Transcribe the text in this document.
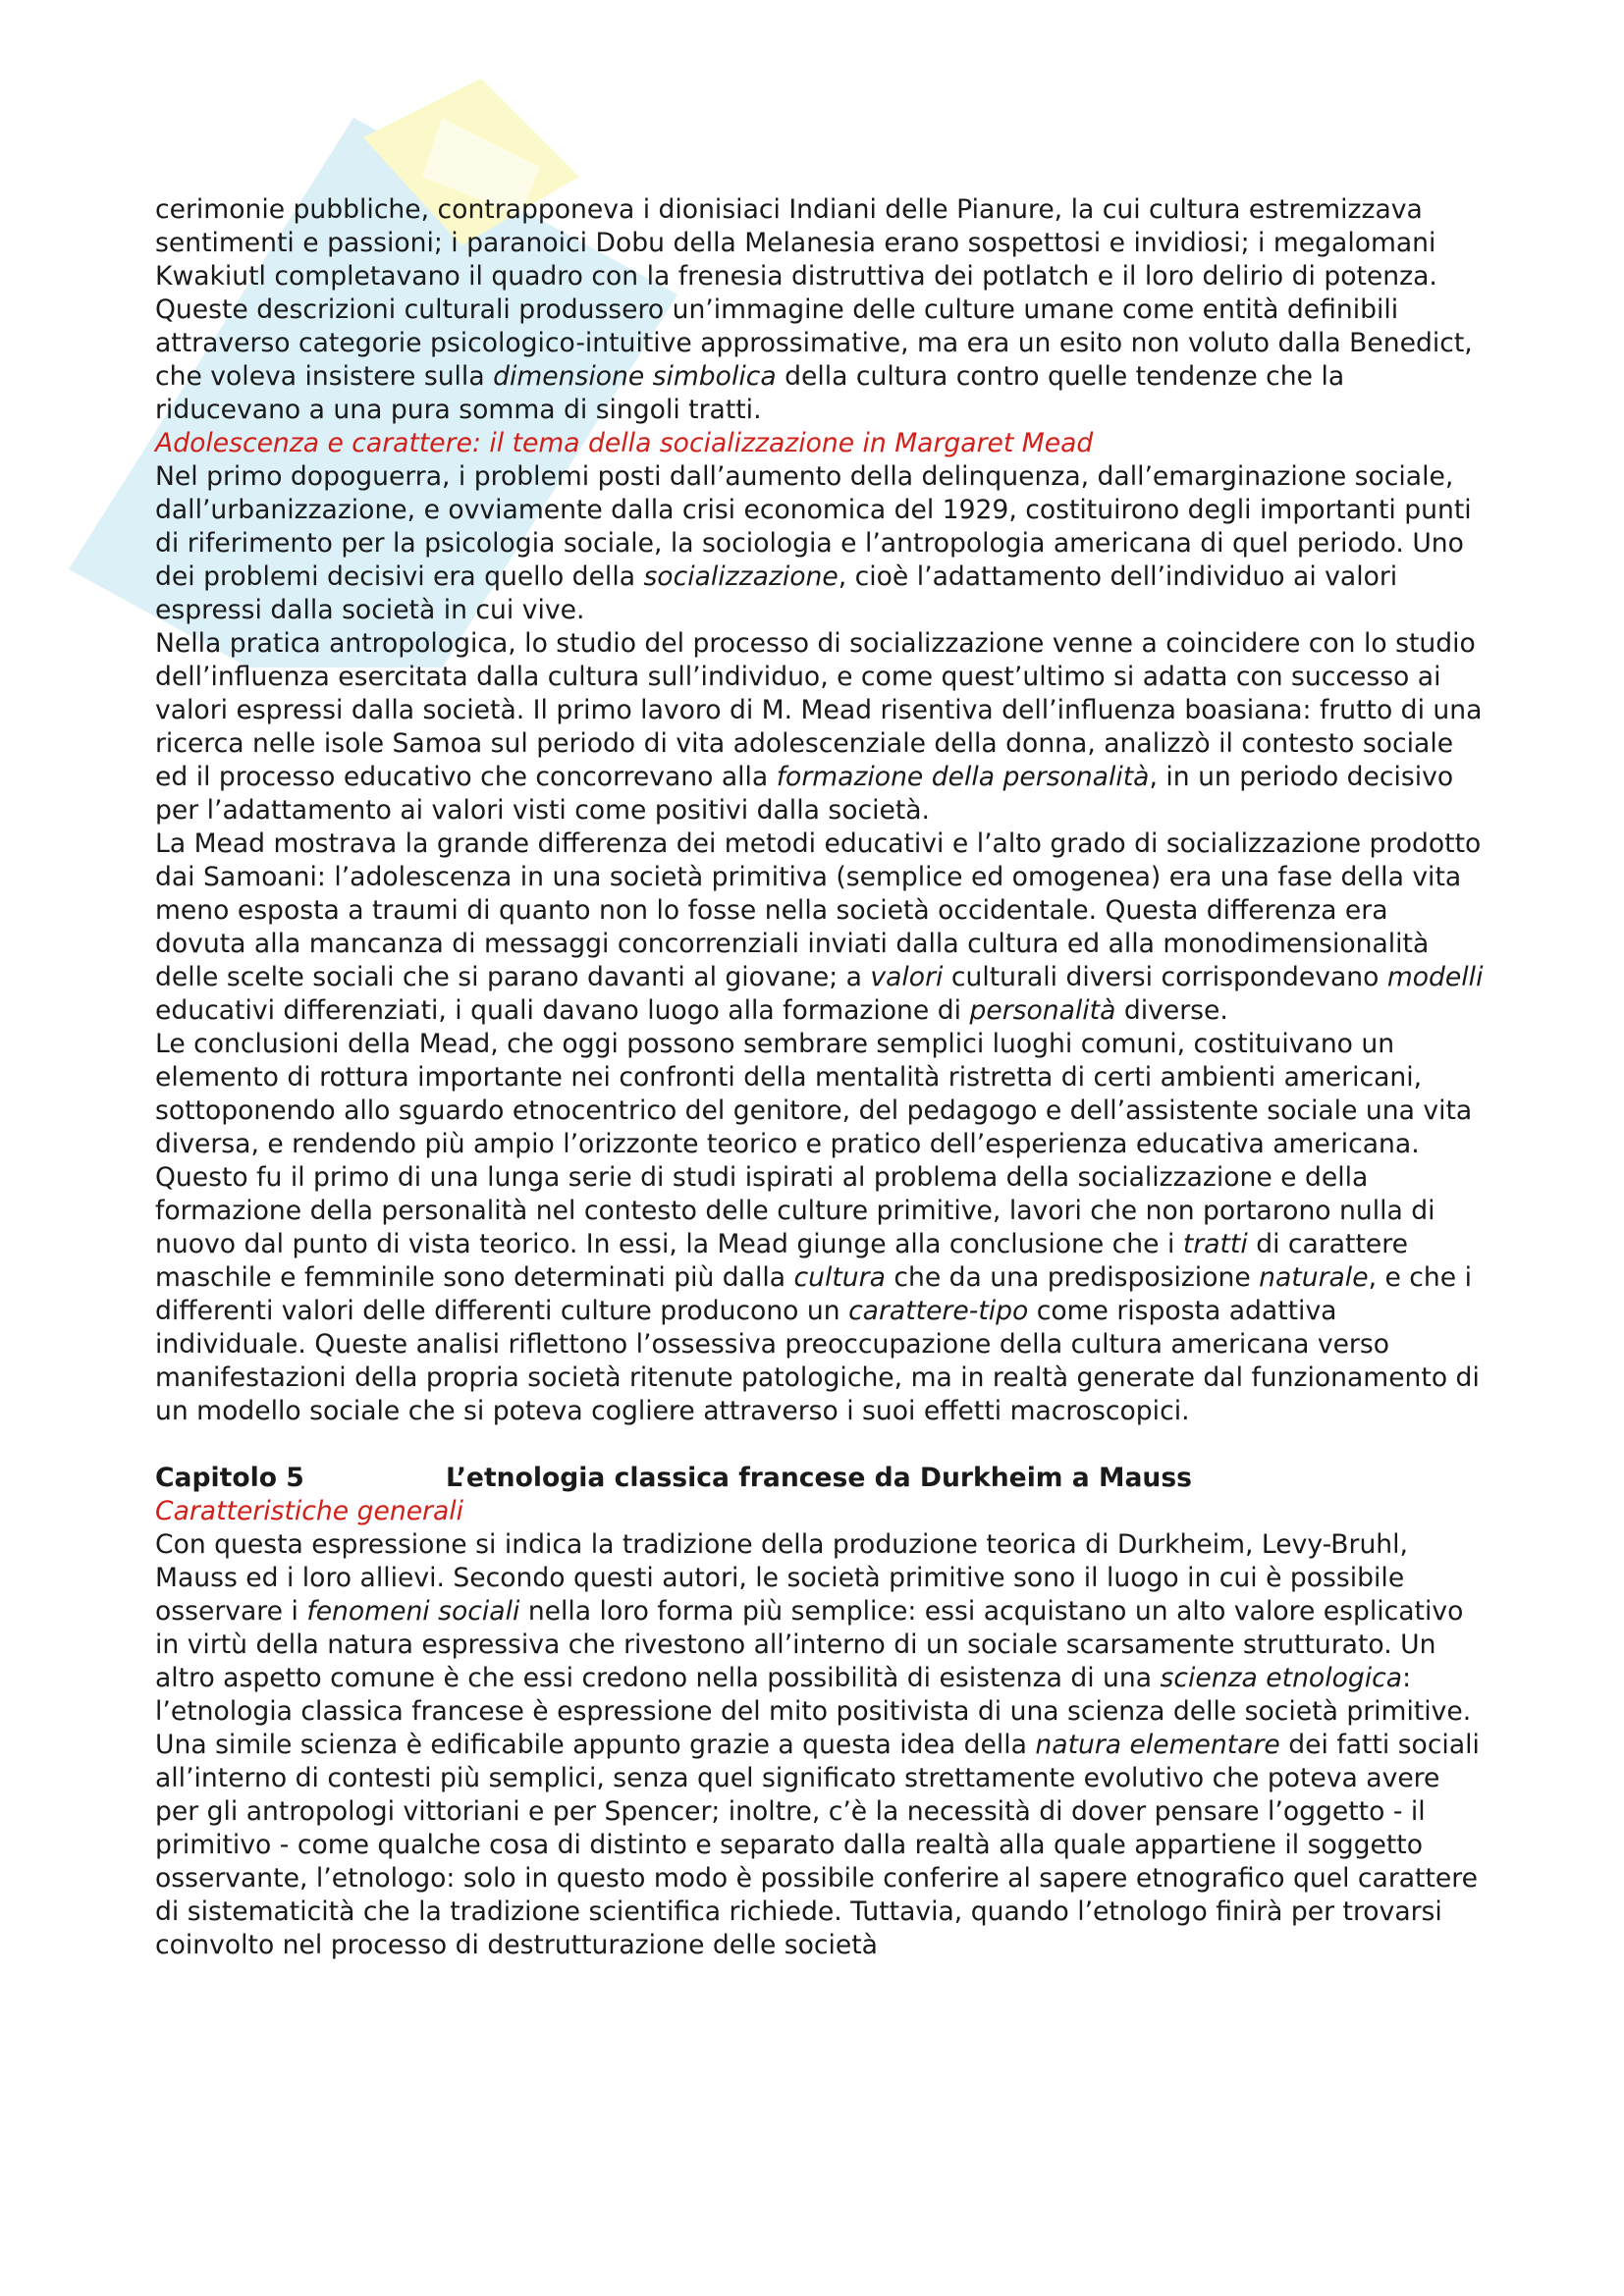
cerimonie pubbliche, contrapponeva i dionisiaci Indiani delle Pianure, la cui cultura estremizzava sentimenti e passioni; i paranoici Dobu della Melanesia erano sospettosi e invidiosi; i megalomani Kwakiutl completavano il quadro con la frenesia distruttiva dei potlatch e il loro delirio di potenza.

Queste descrizioni culturali produssero un’immagine delle culture umane come entità definibili attraverso categorie psicologico-intuitive approssimative, ma era un esito non voluto dalla Benedict, che voleva insistere sulla dimensione simbolica della cultura contro quelle tendenze che la riducevano a una pura somma di singoli tratti.

Adolescenza e carattere: il tema della socializzazione in Margaret Mead

Nel primo dopoguerra, i problemi posti dall’aumento della delinquenza, dall’emarginazione sociale, dall’urbanizzazione, e ovviamente dalla crisi economica del 1929, costituirono degli importanti punti di riferimento per la psicologia sociale, la sociologia e l’antropologia americana di quel periodo. Uno dei problemi decisivi era quello della socializzazione, cioè l’adattamento dell’individuo ai valori espressi dalla società in cui vive.

Nella pratica antropologica, lo studio del processo di socializzazione venne a coincidere con lo studio dell’influenza esercitata dalla cultura sull’individuo, e come quest’ultimo si adatta con successo ai valori espressi dalla società. Il primo lavoro di M. Mead risentiva dell’influenza boasiana: frutto di una ricerca nelle isole Samoa sul periodo di vita adolescenziale della donna, analizzò il contesto sociale ed il processo educativo che concorrevano alla formazione della personalità, in un periodo decisivo per l’adattamento ai valori visti come positivi dalla società.

La Mead mostrava la grande differenza dei metodi educativi e l’alto grado di socializzazione prodotto dai Samoani: l’adolescenza in una società primitiva (semplice ed omogenea) era una fase della vita meno esposta a traumi di quanto non lo fosse nella società occidentale. Questa differenza era dovuta alla mancanza di messaggi concorrenziali inviati dalla cultura ed alla monodimensionalità delle scelte sociali che si parano davanti al giovane; a valori culturali diversi corrispondevano modelli educativi differenziati, i quali davano luogo alla formazione di personalità diverse.

Le conclusioni della Mead, che oggi possono sembrare semplici luoghi comuni, costituivano un elemento di rottura importante nei confronti della mentalità ristretta di certi ambienti americani, sottoponendo allo sguardo etnocentrico del genitore, del pedagogo e dell’assistente sociale una vita diversa, e rendendo più ampio l’orizzonte teorico e pratico dell’esperienza educativa americana.

Questo fu il primo di una lunga serie di studi ispirati al problema della socializzazione e della formazione della personalità nel contesto delle culture primitive, lavori che non portarono nulla di nuovo dal punto di vista teorico. In essi, la Mead giunge alla conclusione che i tratti di carattere maschile e femminile sono determinati più dalla cultura che da una predisposizione naturale, e che i differenti valori delle differenti culture producono un carattere-tipo come risposta adattiva individuale. Queste analisi riflettono l’ossessiva preoccupazione della cultura americana verso manifestazioni della propria società ritenute patologiche, ma in realtà generate dal funzionamento di un modello sociale che si poteva cogliere attraverso i suoi effetti macroscopici.

Capitolo 5	L’etnologia classica francese da Durkheim a Mauss

Caratteristiche generali

Con questa espressione si indica la tradizione della produzione teorica di Durkheim, Levy-Bruhl, Mauss ed i loro allievi. Secondo questi autori, le società primitive sono il luogo in cui è possibile osservare i fenomeni sociali nella loro forma più semplice: essi acquistano un alto valore esplicativo in virtù della natura espressiva che rivestono all’interno di un sociale scarsamente strutturato. Un altro aspetto comune è che essi credono nella possibilità di esistenza di una scienza etnologica: l’etnologia classica francese è espressione del mito positivista di una scienza delle società primitive.

Una simile scienza è edificabile appunto grazie a questa idea della natura elementare dei fatti sociali all’interno di contesti più semplici, senza quel significato strettamente evolutivo che poteva avere per gli antropologi vittoriani e per Spencer; inoltre, c’è la necessità di dover pensare l’oggetto - il primitivo - come qualche cosa di distinto e separato dalla realtà alla quale appartiene il soggetto osservante, l’etnologo: solo in questo modo è possibile conferire al sapere etnografico quel carattere di sistematicità che la tradizione scientifica richiede. Tuttavia, quando l’etnologo finirà per trovarsi coinvolto nel processo di destrutturazione delle società
